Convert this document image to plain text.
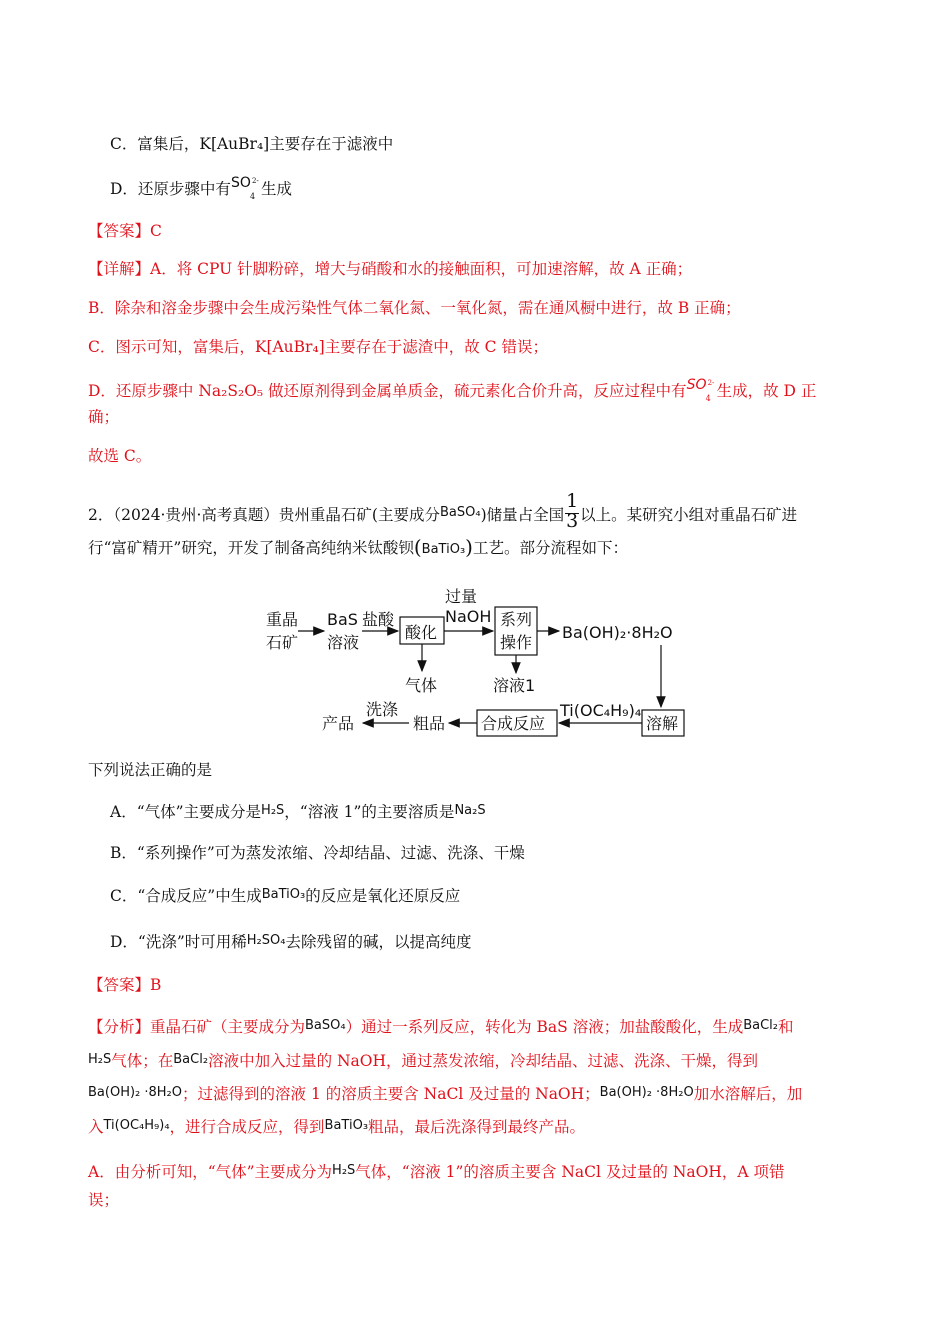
C．富集后，K[AuBr₄]主要存在于滤液中
D．还原步骤中有 SO
4
2- 生成
【答案】C
【详解】A．将 CPU 针脚粉碎，增大与硝酸和水的接触面积，可加速溶解，故 A 正确；
B．除杂和溶金步骤中会生成污染性气体二氧化氮、一氧化氮，需在通风橱中进行，故 B 正确；
C．图示可知，富集后，K[AuBr₄]主要存在于滤渣中，故 C 错误；
D．还原步骤中 Na₂S₂O₅ 做还原剂得到金属单质金，硫元素化合价升高，反应过程中有 SO
4
2- 生成，故 D 正
确；
故选 C。
2．（2024·贵州·高考真题）贵州重晶石矿(主要成分$^{BaSO_4}$)储量占全国 $\frac{1}{3}$ 以上。某研究小组对重晶石矿进
行“富矿精开”研究，开发了制备高纯纳米钛酸钡(BaTiO₃)工艺。部分流程如下：
重晶
石矿
BaS
溶液
盐酸
酸化
气体
过量
NaOH 系列
操作
溶液1
Ba(OH)₂·8H₂O
溶解
Ti(OC₄H₉)₄
合成反应
粗品
洗涤
产品
下列说法正确的是
A．“气体”主要成分是H₂S，“溶液 1”的主要溶质是Na₂S
B．“系列操作”可为蒸发浓缩、冷却结晶、过滤、洗涤、干燥
C．“合成反应”中生成BaTiO₃的反应是氧化还原反应
D．“洗涤”时可用稀H₂SO₄去除残留的碱，以提高纯度
【答案】B
【分析】重晶石矿（主要成分为BaSO₄）通过一系列反应，转化为 BaS 溶液；加盐酸酸化，生成BaCl₂和
H₂S气体；在BaCl₂溶液中加入过量的 NaOH，通过蒸发浓缩，冷却结晶、过滤、洗涤、干燥，得到
Ba(OH)₂ ·8H₂O；过滤得到的溶液 1 的溶质主要含 NaCl 及过量的 NaOH；Ba(OH)₂ ·8H₂O加水溶解后，加
入Ti(OC₄H₉)₄，进行合成反应，得到BaTiO₃粗品，最后洗涤得到最终产品。
A．由分析可知，“气体”主要成分为H₂S气体，“溶液 1”的溶质主要含 NaCl 及过量的 NaOH，A 项错
误；
